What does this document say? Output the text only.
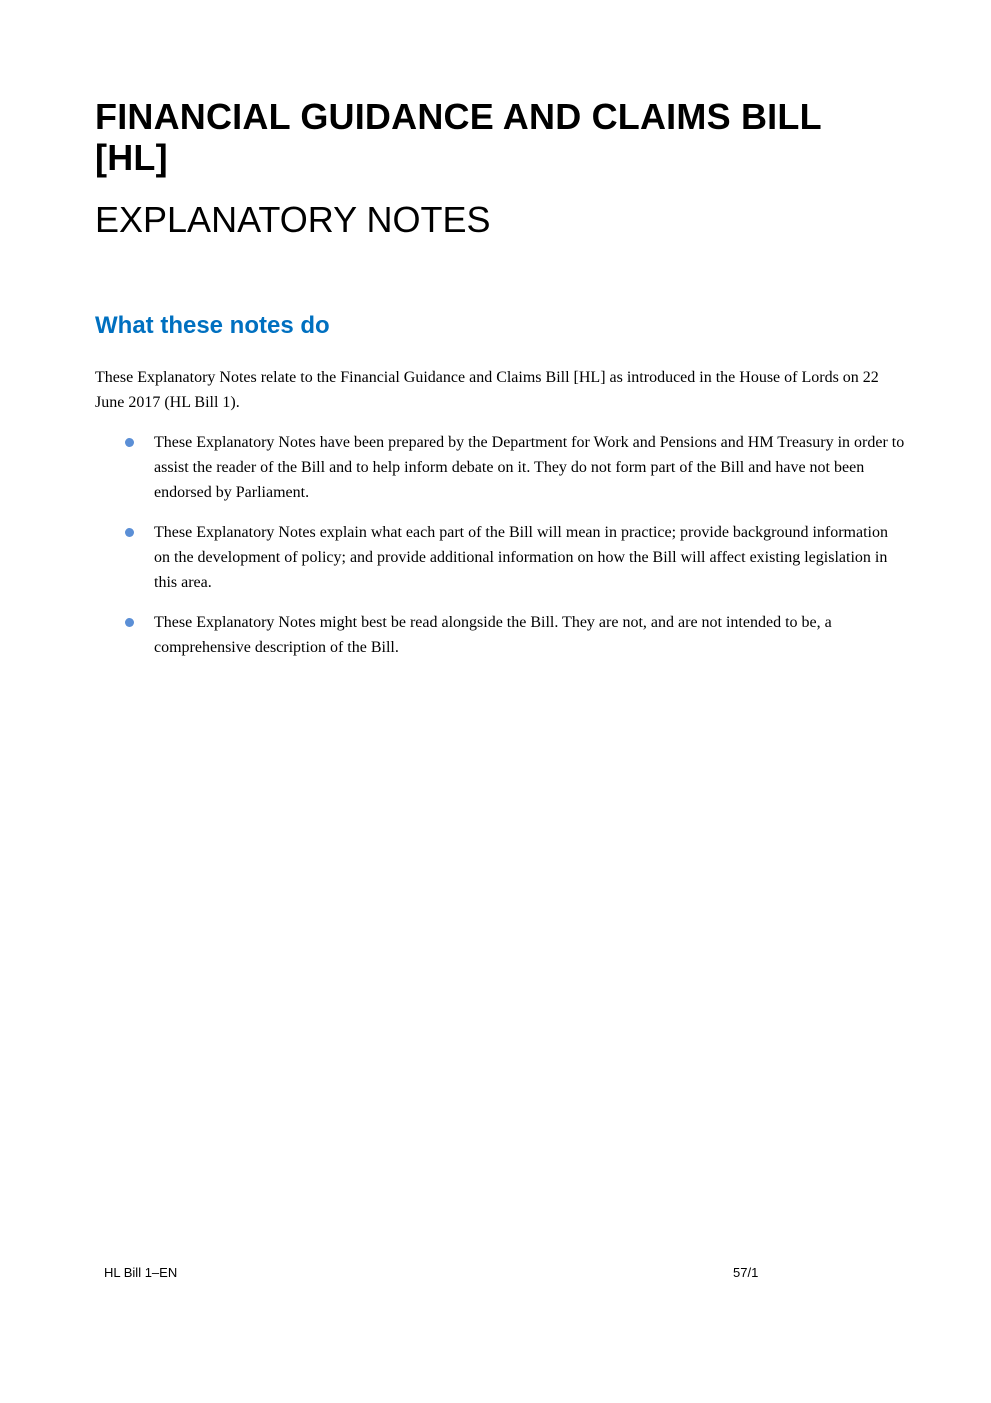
FINANCIAL GUIDANCE AND CLAIMS BILL [HL]
EXPLANATORY NOTES
What these notes do

These Explanatory Notes relate to the Financial Guidance and Claims Bill [HL] as introduced in the House of Lords on 22 June 2017 (HL Bill 1).

These Explanatory Notes have been prepared by the Department for Work and Pensions and HM Treasury in order to assist the reader of the Bill and to help inform debate on it. They do not form part of the Bill and have not been endorsed by Parliament.
These Explanatory Notes explain what each part of the Bill will mean in practice; provide background information on the development of policy; and provide additional information on how the Bill will affect existing legislation in this area.
These Explanatory Notes might best be read alongside the Bill. They are not, and are not intended to be, a comprehensive description of the Bill.
HL Bill 1–EN	57/1
